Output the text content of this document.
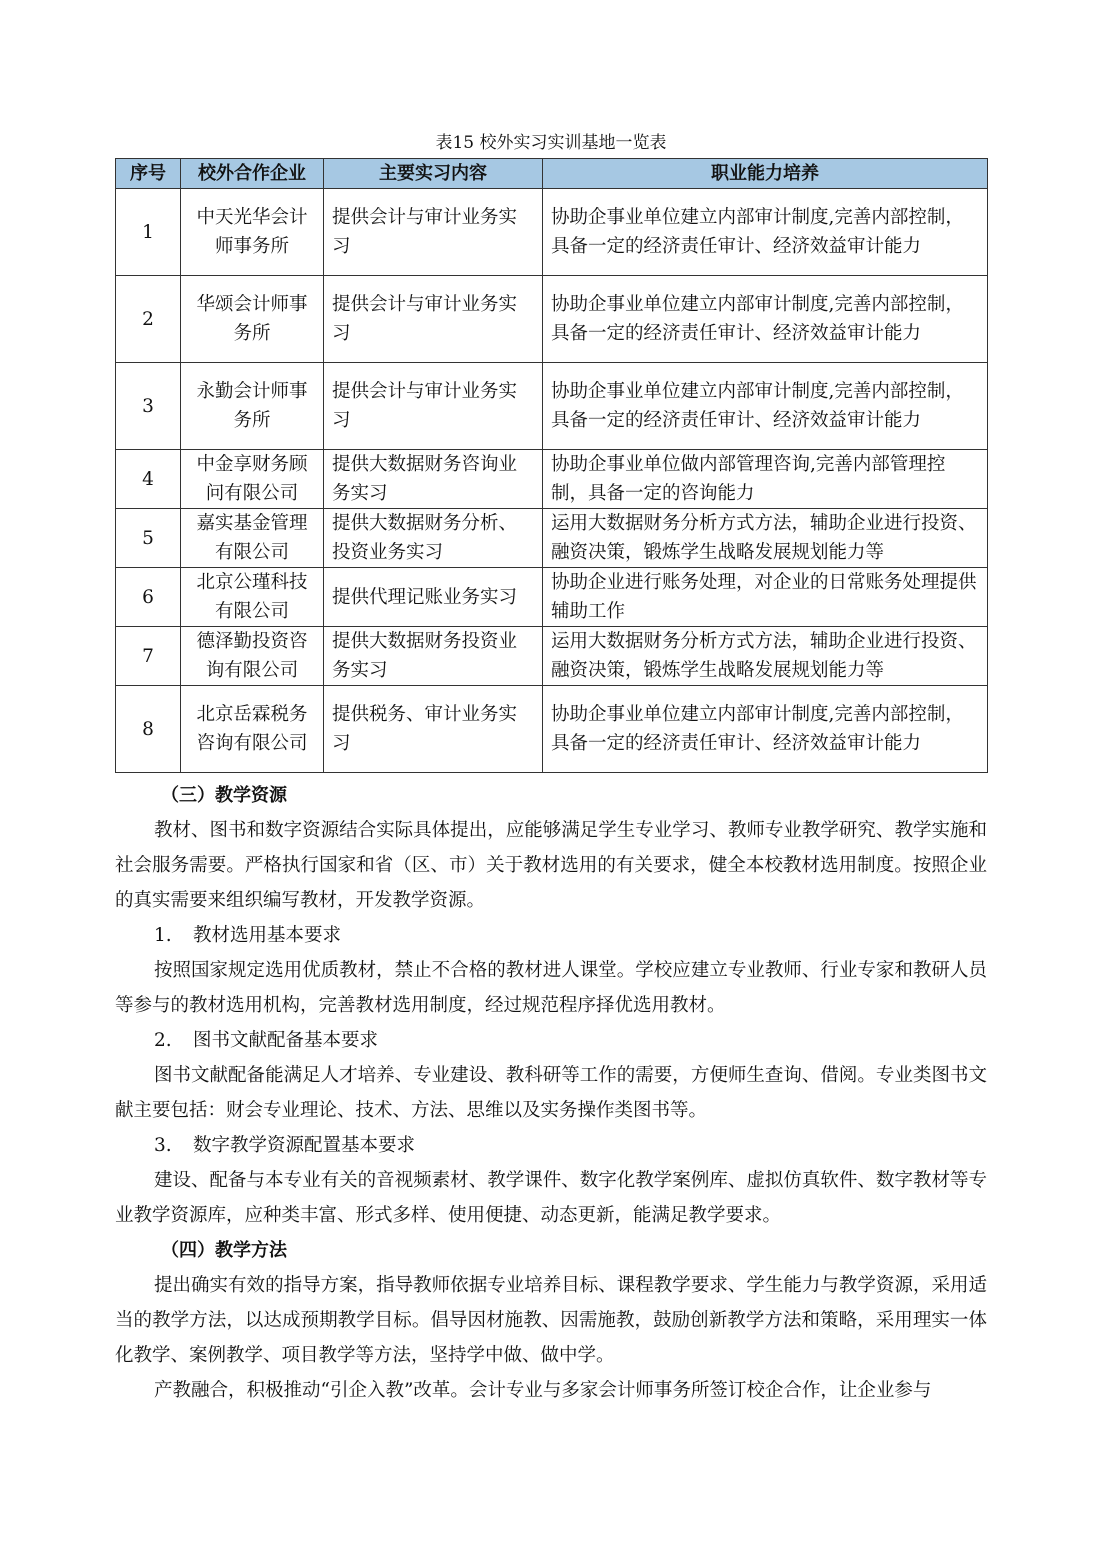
表15 校外实习实训基地一览表
序号	校外合作企业	主要实习内容	职业能力培养
1	中天光华会计师事务所	提供会计与审计业务实习	协助企事业单位建立内部审计制度,完善内部控制，具备一定的经济责任审计、经济效益审计能力
2	华颂会计师事务所	提供会计与审计业务实习	协助企事业单位建立内部审计制度,完善内部控制，具备一定的经济责任审计、经济效益审计能力
3	永勤会计师事务所	提供会计与审计业务实习	协助企事业单位建立内部审计制度,完善内部控制，具备一定的经济责任审计、经济效益审计能力
4	中金享财务顾问有限公司	提供大数据财务咨询业务实习	协助企事业单位做内部管理咨询,完善内部管理控制，具备一定的咨询能力
5	嘉实基金管理有限公司	提供大数据财务分析、投资业务实习	运用大数据财务分析方式方法，辅助企业进行投资、融资决策，锻炼学生战略发展规划能力等
6	北京公瑾科技有限公司	提供代理记账业务实习	协助企业进行账务处理，对企业的日常账务处理提供辅助工作
7	德泽勤投资咨询有限公司	提供大数据财务投资业务实习	运用大数据财务分析方式方法，辅助企业进行投资、融资决策，锻炼学生战略发展规划能力等
8	北京岳霖税务咨询有限公司	提供税务、审计业务实习	协助企事业单位建立内部审计制度,完善内部控制，具备一定的经济责任审计、经济效益审计能力

（三）教学资源

教材、图书和数字资源结合实际具体提出，应能够满足学生专业学习、教师专业教学研究、教学实施和社会服务需要。严格执行国家和省（区、市）关于教材选用的有关要求，健全本校教材选用制度。按照企业的真实需要来组织编写教材，开发教学资源。

1. 教材选用基本要求

按照国家规定选用优质教材，禁止不合格的教材进人课堂。学校应建立专业教师、行业专家和教研人员等参与的教材选用机构，完善教材选用制度，经过规范程序择优选用教材。

2. 图书文献配备基本要求

图书文献配备能满足人才培养、专业建设、教科研等工作的需要，方便师生查询、借阅。专业类图书文献主要包括：财会专业理论、技术、方法、思维以及实务操作类图书等。

3. 数字教学资源配置基本要求

建设、配备与本专业有关的音视频素材、教学课件、数字化教学案例库、虚拟仿真软件、数字教材等专业教学资源库，应种类丰富、形式多样、使用便捷、动态更新，能满足教学要求。

（四）教学方法

提出确实有效的指导方案，指导教师依据专业培养目标、课程教学要求、学生能力与教学资源，采用适当的教学方法，以达成预期教学目标。倡导因材施教、因需施教，鼓励创新教学方法和策略，采用理实一体化教学、案例教学、项目教学等方法，坚持学中做、做中学。

产教融合，积极推动“引企入教”改革。会计专业与多家会计师事务所签订校企合作，让企业参与
